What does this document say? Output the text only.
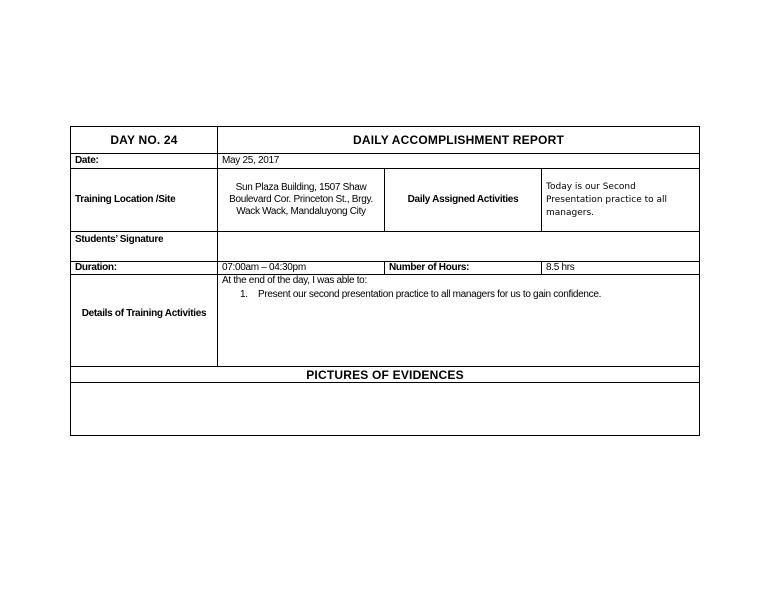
DAY NO. 24	DAILY ACCOMPLISHMENT REPORT		
Date:	May 25, 2017		
Training Location /Site	Sun Plaza Building, 1507 Shaw Boulevard Cor. Princeton St., Brgy. Wack Wack, Mandaluyong City	Daily Assigned Activities	Today is our Second Presentation practice to all managers.
Students’ Signature			
Duration:	07:00am – 04:30pm	Number of Hours:	8.5 hrs
Details of Training Activities	At the end of the day, I was able to:
1. Present our second presentation practice to all managers for us to gain confidence.		

PICTURES OF EVIDENCES			
